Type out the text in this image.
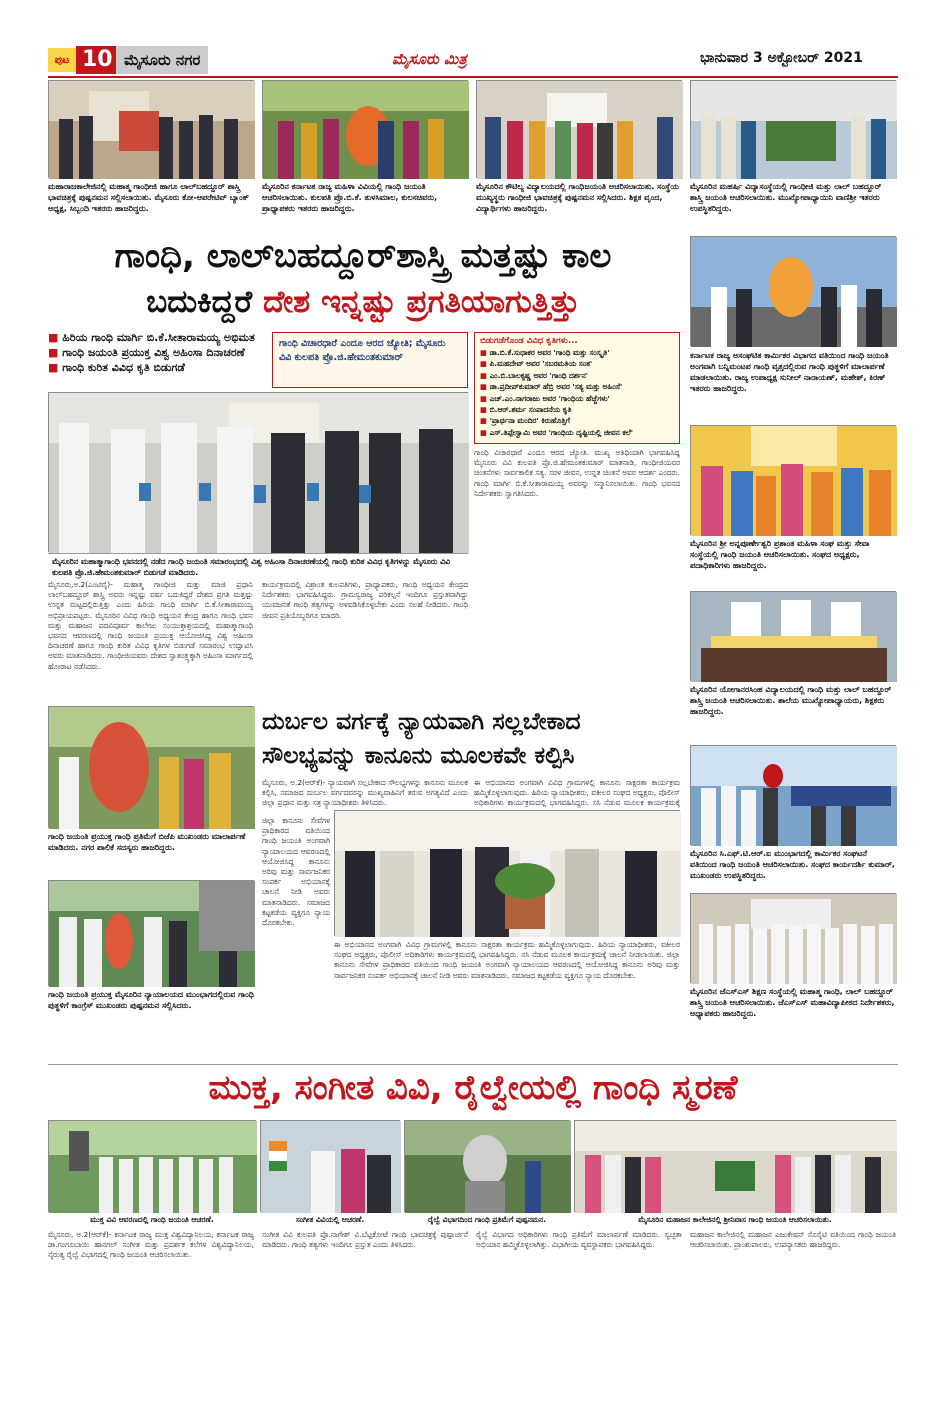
ಪುಟ 10 ಮೈಸೂರು ನಗರ	ಮೈಸೂರು ಮಿತ್ರ	ಭಾನುವಾರ 3 ಅಕ್ಟೋಬರ್ 2021
ಮಹಾರಾಜಕಾಲೇಜಿನಲ್ಲಿ ಮಹಾತ್ಮ ಗಾಂಧೀಜಿ ಹಾಗೂ ಲಾಲ್‌ಬಹದ್ದೂರ್ ಶಾಸ್ತ್ರಿ ಭಾವಚಿತ್ರಕ್ಕೆ ಪುಷ್ಪನಮನ ಸಲ್ಲಿಸಲಾಯಿತು. ಮೈಸೂರು ಕೋ-ಆಪರೇಟಿವ್ ಬ್ಯಾಂಕ್ ಅಧ್ಯಕ್ಷ, ಸಿಬ್ಬಂದಿ ಇತರರು ಹಾಜರಿದ್ದರು.
ಮೈಸೂರಿನ ಕರ್ನಾಟಕ ರಾಜ್ಯ ಮಹಿಳಾ ವಿವಿಯಲ್ಲಿ ಗಾಂಧಿ ಜಯಂತಿ ಆಚರಿಸಲಾಯಿತು. ಕುಲಪತಿ ಪ್ರೊ.ಬಿ.ಕೆ. ತುಳಸಿಮಾಲ, ಕುಲಸಚಿವರು, ಪ್ರಾಧ್ಯಾಪಕರು ಇತರರು ಹಾಜರಿದ್ದರು.
ಮೈಸೂರಿನ ಕೌಟಿಲ್ಯ ವಿದ್ಯಾಲಯದಲ್ಲಿ ಗಾಂಧಿಜಯಂತಿ ಆಚರಿಸಲಾಯಿತು. ಸಂಸ್ಥೆಯ ಮುಖ್ಯಸ್ಥರು ಗಾಂಧೀಜಿ ಭಾವಚಿತ್ರಕ್ಕೆ ಪುಷ್ಪನಮನ ಸಲ್ಲಿಸಿದರು. ಶಿಕ್ಷಕ ವೃಂದ, ವಿದ್ಯಾರ್ಥಿಗಳು ಹಾಜರಿದ್ದರು.
ಮೈಸೂರಿನ ಮಹರ್ಷಿ ವಿದ್ಯಾಸಂಸ್ಥೆಯಲ್ಲಿ ಗಾಂಧೀಜಿ ಮತ್ತು ಲಾಲ್ ಬಹದ್ದೂರ್ ಶಾಸ್ತ್ರಿ ಜಯಂತಿ ಆಚರಿಸಲಾಯಿತು. ಮುಖ್ಯೋಪಾಧ್ಯಾಯಿನಿ ವಾಣಿಶ್ರೀ ಇತರರು ಉಪಸ್ಥಿತರಿದ್ದರು.
ಗಾಂಧಿ, ಲಾಲ್‌ಬಹದ್ದೂರ್‌ಶಾಸ್ತ್ರಿ ಮತ್ತಷ್ಟು ಕಾಲ
ಬದುಕಿದ್ದರೆ ದೇಶ ಇನ್ನಷ್ಟು ಪ್ರಗತಿಯಾಗುತ್ತಿತ್ತು
■ ಹಿರಿಯ ಗಾಂಧಿ ಮಾರ್ಗಿ ಬಿ.ಕೆ.ಸೀತಾರಾಮಯ್ಯ ಅಭಿಮತ
■ ಗಾಂಧಿ ಜಯಂತಿ ಪ್ರಯುಕ್ತ ವಿಶ್ವ ಅಹಿಂಸಾ ದಿನಾಚರಣೆ
■ ಗಾಂಧಿ ಕುರಿತ ವಿವಿಧ ಕೃತಿ ಬಿಡುಗಡೆ
ಗಾಂಧಿ ವಿಚಾರಧಾರೆ ಎಂದೂ ಆರದ ಜ್ಯೋತಿ; ಮೈಸೂರು ವಿವಿ ಕುಲಪತಿ ಪ್ರೊ.ಜಿ.ಹೇಮಂತಕುಮಾರ್
ಬಿಡುಗಡೆಗೊಂಡ ವಿವಿಧ ಕೃತಿಗಳು...
■ ಡಾ.ಬಿ.ಕೆ.ಸುಧಾಕರ ಅವರ 'ಗಾಂಧಿ ಮತ್ತು ಸಂಸ್ಕೃತಿ'
■ ಪಿ.ಮಹದೇವ್ ಅವರ 'ಸಬರಮತಿಯ ಸಂತ'
■ ಎಂ.ಬಿ.ಬಾಲಕೃಷ್ಣ ಅವರ 'ಗಾಂಧಿ ದರ್ಶನ'
■ ಡಾ.ಪ್ರದೀಪ್‌ಕುಮಾರ್ ಹೆಬ್ರಿ ಅವರ 'ಸತ್ಯ ಮತ್ತು ಅಹಿಂಸೆ'
■ ಎಚ್.ಎಂ.ನಾಗರಾಜು ಅವರ 'ಗಾಂಧಿಯ ಹೆಜ್ಜೆಗಳು'
■ ಬಿ.ಆರ್.ಶರ್ಮ ಸಂಪಾದನೆಯ ಕೃತಿ
■ 'ಪ್ರಾರ್ಥನಾ ಮಂದಿರ' ಕಿರುಹೊತ್ತಿಗೆ
■ ಎಸ್.ತಿಪ್ಪೇಸ್ವಾಮಿ ಅವರ 'ಗಾಂಧಿಯ ದೃಷ್ಟಿಯಲ್ಲಿ ಜೀವನ ಕಲೆ'
ಮೈಸೂರಿನ ಮಹಾತ್ಮಾಗಾಂಧಿ ಭವನದಲ್ಲಿ ನಡೆದ ಗಾಂಧಿ ಜಯಂತಿ ಸಮಾರಂಭದಲ್ಲಿ ವಿಶ್ವ ಅಹಿಂಸಾ ದಿನಾಚರಣೆಯಲ್ಲಿ ಗಾಂಧಿ ಕುರಿತ ವಿವಿಧ ಕೃತಿಗಳನ್ನು ಮೈಸೂರು ವಿವಿ ಕುಲಪತಿ ಪ್ರೊ.ಜಿ.ಹೇಮಂತಕುಮಾರ್ ಬಿಡುಗಡೆ ಮಾಡಿದರು.
ಮೈಸೂರು,ಅ.2(ಎಂಟಿವೈ)- ಮಹಾತ್ಮ ಗಾಂಧೀಜಿ ಮತ್ತು ಮಾಜಿ ಪ್ರಧಾನಿ ಲಾಲ್‌ಬಹದ್ದೂರ್ ಶಾಸ್ತ್ರಿ ಅವರು ಇನ್ನಷ್ಟು ವರ್ಷ ಬದುಕಿದ್ದರೆ ದೇಶದ ಪ್ರಗತಿ ಮತ್ತಷ್ಟು ಉನ್ನತ ಮಟ್ಟದಲ್ಲಿರುತ್ತಿತ್ತು ಎಂದು ಹಿರಿಯ ಗಾಂಧಿ ಮಾರ್ಗಿ ಬಿ.ಕೆ.ಸೀತಾರಾಮಯ್ಯ ಅಭಿಪ್ರಾಯಪಟ್ಟರು. ಮೈಸೂರಿನ ವಿವಿಧ ಗಾಂಧಿ ಅಧ್ಯಯನ ಕೇಂದ್ರ ಹಾಗೂ ಗಾಂಧಿ ಭವನ ಮತ್ತು ಮಹಾಜನ ಪದವಿಪೂರ್ವ ಕಾಲೇಜು ಸಂಯುಕ್ತಾಶ್ರಯದಲ್ಲಿ ಮಹಾತ್ಮಾಗಾಂಧಿ ಭವನದ ಆವರಣದಲ್ಲಿ ಗಾಂಧಿ ಜಯಂತಿ ಪ್ರಯುಕ್ತ ಆಯೋಜಿಸಿದ್ದ ವಿಶ್ವ ಅಹಿಂಸಾ ದಿನಾಚರಣೆ ಹಾಗೂ ಗಾಂಧಿ ಕುರಿತ ವಿವಿಧ ಕೃತಿಗಳ ಬಿಡುಗಡೆ ಸಮಾರಂಭ ಉದ್ಘಾಟಿಸಿ ಅವರು ಮಾತನಾಡಿದರು. ಗಾಂಧೀಜಿಯವರು ದೇಶದ ಸ್ವಾತಂತ್ರ್ಯಕ್ಕಾಗಿ ಅಹಿಂಸಾ ಮಾರ್ಗದಲ್ಲಿ ಹೋರಾಟ ನಡೆಸಿದರು.
ಕಾರ್ಯಕ್ರಮದಲ್ಲಿ ವಿಶ್ರಾಂತ ಕುಲಪತಿಗಳು, ಪ್ರಾಧ್ಯಾಪಕರು, ಗಾಂಧಿ ಅಧ್ಯಯನ ಕೇಂದ್ರದ ನಿರ್ದೇಶಕರು ಭಾಗವಹಿಸಿದ್ದರು. ಗ್ರಾಮಸ್ವರಾಜ್ಯ ಪರಿಕಲ್ಪನೆ ಇಂದಿಗೂ ಪ್ರಸ್ತುತವಾಗಿದ್ದು ಯುವಜನತೆ ಗಾಂಧಿ ತತ್ವಗಳನ್ನು ಅಳವಡಿಸಿಕೊಳ್ಳಬೇಕು ಎಂದು ಸಲಹೆ ನೀಡಿದರು. ಗಾಂಧಿ ಜೀವನ ಪ್ರತಿಯೊಬ್ಬರಿಗೂ ಮಾದರಿ.
ಗಾಂಧಿ ವಿಚಾರಧಾರೆ ಎಂದೂ ಆರದ ಜ್ಯೋತಿ. ಮುಖ್ಯ ಅತಿಥಿಯಾಗಿ ಭಾಗವಹಿಸಿದ್ದ ಮೈಸೂರು ವಿವಿ ಕುಲಪತಿ ಪ್ರೊ.ಜಿ.ಹೇಮಂತಕುಮಾರ್ ಮಾತನಾಡಿ, ಗಾಂಧೀಜಿಯವರ ಚಿಂತನೆಗಳು ಸಾರ್ವಕಾಲಿಕ ಸತ್ಯ. ಸರಳ ಜೀವನ, ಉನ್ನತ ಚಿಂತನೆ ಅವರ ಆದರ್ಶ ಎಂದರು. ಗಾಂಧಿ ಮಾರ್ಗಿ ಬಿ.ಕೆ.ಸೀತಾರಾಮಯ್ಯ ಅವರನ್ನು ಸನ್ಮಾನಿಸಲಾಯಿತು. ಗಾಂಧಿ ಭವನದ ನಿರ್ದೇಶಕರು ಸ್ವಾಗತಿಸಿದರು.
ಕರ್ನಾಟಕ ರಾಜ್ಯ ಅಸಂಘಟಿತ ಕಾರ್ಮಿಕರ ವಿಭಾಗದ ವತಿಯಿಂದ ಗಾಂಧಿ ಜಯಂತಿ ಅಂಗವಾಗಿ ಬನ್ನಿಮಂಟಪ ಗಾಂಧಿ ವೃತ್ತದಲ್ಲಿರುವ ಗಾಂಧಿ ಪುತ್ಥಳಿಗೆ ಮಾಲಾರ್ಪಣೆ ಮಾಡಲಾಯಿತು. ರಾಜ್ಯ ಉಪಾಧ್ಯಕ್ಷ ಸುನೀಲ್ ನಾರಾಯಣ್, ಮಹೇಶ್, ಕಿರಣ್ ಇತರರು ಹಾಜರಿದ್ದರು.
ಮೈಸೂರಿನ ಶ್ರೀ ಅನ್ನಪೂರ್ಣೇಶ್ವರಿ ಪ್ರಶಾಂತ ಮಹಿಳಾ ಸಂಘ ಮತ್ತು ಸೇವಾ ಸಂಸ್ಥೆಯಲ್ಲಿ ಗಾಂಧಿ ಜಯಂತಿ ಆಚರಿಸಲಾಯಿತು. ಸಂಘದ ಅಧ್ಯಕ್ಷರು, ಪದಾಧಿಕಾರಿಗಳು ಹಾಜರಿದ್ದರು.
ಮೈಸೂರಿನ ಯೋಗಾನರಸಿಂಹ ವಿದ್ಯಾಲಯದಲ್ಲಿ ಗಾಂಧಿ ಮತ್ತು ಲಾಲ್ ಬಹದ್ದೂರ್ ಶಾಸ್ತ್ರಿ ಜಯಂತಿ ಆಚರಿಸಲಾಯಿತು. ಶಾಲೆಯ ಮುಖ್ಯೋಪಾಧ್ಯಾಯರು, ಶಿಕ್ಷಕರು ಹಾಜರಿದ್ದರು.
ಮೈಸೂರಿನ ಸಿ.ಎಫ್.ಟಿ.ಆರ್.ಐ ಮುಂಭಾಗದಲ್ಲಿ ಕಾರ್ಮಿಕರ ಸಂಘಟನೆ ವತಿಯಿಂದ ಗಾಂಧಿ ಜಯಂತಿ ಆಚರಿಸಲಾಯಿತು. ಸಂಘದ ಕಾರ್ಯದರ್ಶಿ ಕುಮಾರ್, ಮುಖಂಡರು ಉಪಸ್ಥಿತರಿದ್ದರು.
ಮೈಸೂರಿನ ಜೆಎಸ್‌ಎಸ್ ಶಿಕ್ಷಣ ಸಂಸ್ಥೆಯಲ್ಲಿ ಮಹಾತ್ಮ ಗಾಂಧಿ, ಲಾಲ್ ಬಹದ್ದೂರ್ ಶಾಸ್ತ್ರಿ ಜಯಂತಿ ಆಚರಿಸಲಾಯಿತು. ಜೆಎಸ್‌ಎಸ್ ಮಹಾವಿದ್ಯಾಪೀಠದ ನಿರ್ದೇಶಕರು, ಅಧ್ಯಾಪಕರು ಹಾಜರಿದ್ದರು.
ಗಾಂಧಿ ಜಯಂತಿ ಪ್ರಯುಕ್ತ ಗಾಂಧಿ ಪ್ರತಿಮೆಗೆ ಬಿಜೆಪಿ ಮುಖಂಡರು ಮಾಲಾರ್ಪಣೆ ಮಾಡಿದರು. ನಗರ ಪಾಲಿಕೆ ಸದಸ್ಯರು ಹಾಜರಿದ್ದರು.
ಗಾಂಧಿ ಜಯಂತಿ ಪ್ರಯುಕ್ತ ಮೈಸೂರಿನ ನ್ಯಾಯಾಲಯದ ಮುಂಭಾಗದಲ್ಲಿರುವ ಗಾಂಧಿ ಪುತ್ಥಳಿಗೆ ಕಾಂಗ್ರೆಸ್ ಮುಖಂಡರು ಪುಷ್ಪನಮನ ಸಲ್ಲಿಸಿದರು.
ದುರ್ಬಲ ವರ್ಗಕ್ಕೆ ನ್ಯಾಯವಾಗಿ ಸಲ್ಲಬೇಕಾದ
ಸೌಲಭ್ಯವನ್ನು ಕಾನೂನು ಮೂಲಕವೇ ಕಲ್ಪಿಸಿ
ಮೈಸೂರು, ಅ.2(ಆರ್‌ಕೆ)- ನ್ಯಾಯವಾಗಿ ಸಲ್ಲಬೇಕಾದ ಸೌಲಭ್ಯಗಳನ್ನು ಕಾನೂನು ಮೂಲಕ ಕಲ್ಪಿಸಿ, ಸಮಾಜದ ದುರ್ಬಲ ವರ್ಗದವರನ್ನು ಮುಖ್ಯವಾಹಿನಿಗೆ ತರುವ ಅಗತ್ಯವಿದೆ ಎಂದು ಜಿಲ್ಲಾ ಪ್ರಧಾನ ಮತ್ತು ಸತ್ರ ನ್ಯಾಯಾಧೀಶರು ತಿಳಿಸಿದರು.
ಜಿಲ್ಲಾ ಕಾನೂನು ಸೇವೆಗಳ ಪ್ರಾಧಿಕಾರದ ವತಿಯಿಂದ ಗಾಂಧಿ ಜಯಂತಿ ಅಂಗವಾಗಿ ನ್ಯಾಯಾಲಯದ ಆವರಣದಲ್ಲಿ ಆಯೋಜಿಸಿದ್ದ ಕಾನೂನು ಅರಿವು ಮತ್ತು ಸಾರ್ವಜನಿಕರ ಸಂಪರ್ಕ ಅಭಿಯಾನಕ್ಕೆ ಚಾಲನೆ ನೀಡಿ ಅವರು ಮಾತನಾಡಿದರು. ಸಮಾಜದ ಕಟ್ಟಕಡೆಯ ವ್ಯಕ್ತಿಗೂ ನ್ಯಾಯ ದೊರಕಬೇಕು.
ಈ ಅಭಿಯಾನದ ಅಂಗವಾಗಿ ವಿವಿಧ ಗ್ರಾಮಗಳಲ್ಲಿ ಕಾನೂನು ಸಾಕ್ಷರತಾ ಕಾರ್ಯಕ್ರಮ ಹಮ್ಮಿಕೊಳ್ಳಲಾಗುವುದು. ಹಿರಿಯ ನ್ಯಾಯಾಧೀಶರು, ವಕೀಲರ ಸಂಘದ ಅಧ್ಯಕ್ಷರು, ಪೊಲೀಸ್ ಅಧಿಕಾರಿಗಳು ಕಾರ್ಯಕ್ರಮದಲ್ಲಿ ಭಾಗವಹಿಸಿದ್ದರು. ಸಸಿ ನೆಡುವ ಮೂಲಕ ಕಾರ್ಯಕ್ರಮಕ್ಕೆ
ಈ ಅಭಿಯಾನದ ಅಂಗವಾಗಿ ವಿವಿಧ ಗ್ರಾಮಗಳಲ್ಲಿ ಕಾನೂನು ಸಾಕ್ಷರತಾ ಕಾರ್ಯಕ್ರಮ ಹಮ್ಮಿಕೊಳ್ಳಲಾಗುವುದು. ಹಿರಿಯ ನ್ಯಾಯಾಧೀಶರು, ವಕೀಲರ ಸಂಘದ ಅಧ್ಯಕ್ಷರು, ಪೊಲೀಸ್ ಅಧಿಕಾರಿಗಳು ಕಾರ್ಯಕ್ರಮದಲ್ಲಿ ಭಾಗವಹಿಸಿದ್ದರು. ಸಸಿ ನೆಡುವ ಮೂಲಕ ಕಾರ್ಯಕ್ರಮಕ್ಕೆ ಚಾಲನೆ ನೀಡಲಾಯಿತು. ಜಿಲ್ಲಾ ಕಾನೂನು ಸೇವೆಗಳ ಪ್ರಾಧಿಕಾರದ ವತಿಯಿಂದ ಗಾಂಧಿ ಜಯಂತಿ ಅಂಗವಾಗಿ ನ್ಯಾಯಾಲಯದ ಆವರಣದಲ್ಲಿ ಆಯೋಜಿಸಿದ್ದ ಕಾನೂನು ಅರಿವು ಮತ್ತು ಸಾರ್ವಜನಿಕರ ಸಂಪರ್ಕ ಅಭಿಯಾನಕ್ಕೆ ಚಾಲನೆ ನೀಡಿ ಅವರು ಮಾತನಾಡಿದರು. ಸಮಾಜದ ಕಟ್ಟಕಡೆಯ ವ್ಯಕ್ತಿಗೂ ನ್ಯಾಯ ದೊರಕಬೇಕು.
ಮುಕ್ತ, ಸಂಗೀತ ವಿವಿ, ರೈಲ್ವೇಯಲ್ಲಿ ಗಾಂಧಿ ಸ್ಮರಣೆ
ಮುಕ್ತ ವಿವಿ ಆವರಣದಲ್ಲಿ ಗಾಂಧಿ ಜಯಂತಿ ಆಚರಣೆ.	ಸಂಗೀತ ವಿವಿಯಲ್ಲಿ ಆಚರಣೆ.	ರೈಲ್ವೆ ವಿಭಾಗದಿಂದ ಗಾಂಧಿ ಪ್ರತಿಮೆಗೆ ಪುಷ್ಪನಮನ.	ಮೈಸೂರಿನ ಮಹಾಜನ ಕಾಲೇಜಿನಲ್ಲಿ ಶ್ರೀನಿವಾಸ ಗಾಂಧಿ ಜಯಂತಿ ಆಚರಿಸಲಾಯಿತು.
ಮೈಸೂರು, ಅ.2(ಆರ್‌ಕೆ)- ಕರ್ನಾಟಕ ರಾಜ್ಯ ಮುಕ್ತ ವಿಶ್ವವಿದ್ಯಾನಿಲಯ, ಕರ್ನಾಟಕ ರಾಜ್ಯ ಡಾ.ಗಂಗೂಬಾಯಿ ಹಾನಗಲ್ ಸಂಗೀತ ಮತ್ತು ಪ್ರದರ್ಶಕ ಕಲೆಗಳ ವಿಶ್ವವಿದ್ಯಾನಿಲಯ, ನೈರುತ್ಯ ರೈಲ್ವೆ ವಿಭಾಗದಲ್ಲಿ ಗಾಂಧಿ ಜಯಂತಿ ಆಚರಿಸಲಾಯಿತು.
ಸಂಗೀತ ವಿವಿ ಕುಲಪತಿ ಪ್ರೊ.ನಾಗೇಶ್ ವಿ.ಬೆಟ್ಟಕೋಟೆ ಗಾಂಧಿ ಭಾವಚಿತ್ರಕ್ಕೆ ಪುಷ್ಪಾರ್ಚನೆ ಮಾಡಿದರು. ಗಾಂಧಿ ತತ್ವಗಳು ಇಂದಿಗೂ ಪ್ರಸ್ತುತ ಎಂದು ತಿಳಿಸಿದರು.
ರೈಲ್ವೆ ವಿಭಾಗದ ಅಧಿಕಾರಿಗಳು ಗಾಂಧಿ ಪ್ರತಿಮೆಗೆ ಮಾಲಾರ್ಪಣೆ ಮಾಡಿದರು. ಸ್ವಚ್ಛತಾ ಅಭಿಯಾನ ಹಮ್ಮಿಕೊಳ್ಳಲಾಗಿತ್ತು. ವಿಭಾಗೀಯ ವ್ಯವಸ್ಥಾಪಕರು ಭಾಗವಹಿಸಿದ್ದರು.
ಮಹಾಜನ ಕಾಲೇಜಿನಲ್ಲಿ ಮಹಾಜನ ಎಜುಕೇಷನ್ ಸೊಸೈಟಿ ವತಿಯಿಂದ ಗಾಂಧಿ ಜಯಂತಿ ಆಚರಿಸಲಾಯಿತು. ಪ್ರಾಂಶುಪಾಲರು, ಉಪನ್ಯಾಸಕರು ಹಾಜರಿದ್ದರು.
